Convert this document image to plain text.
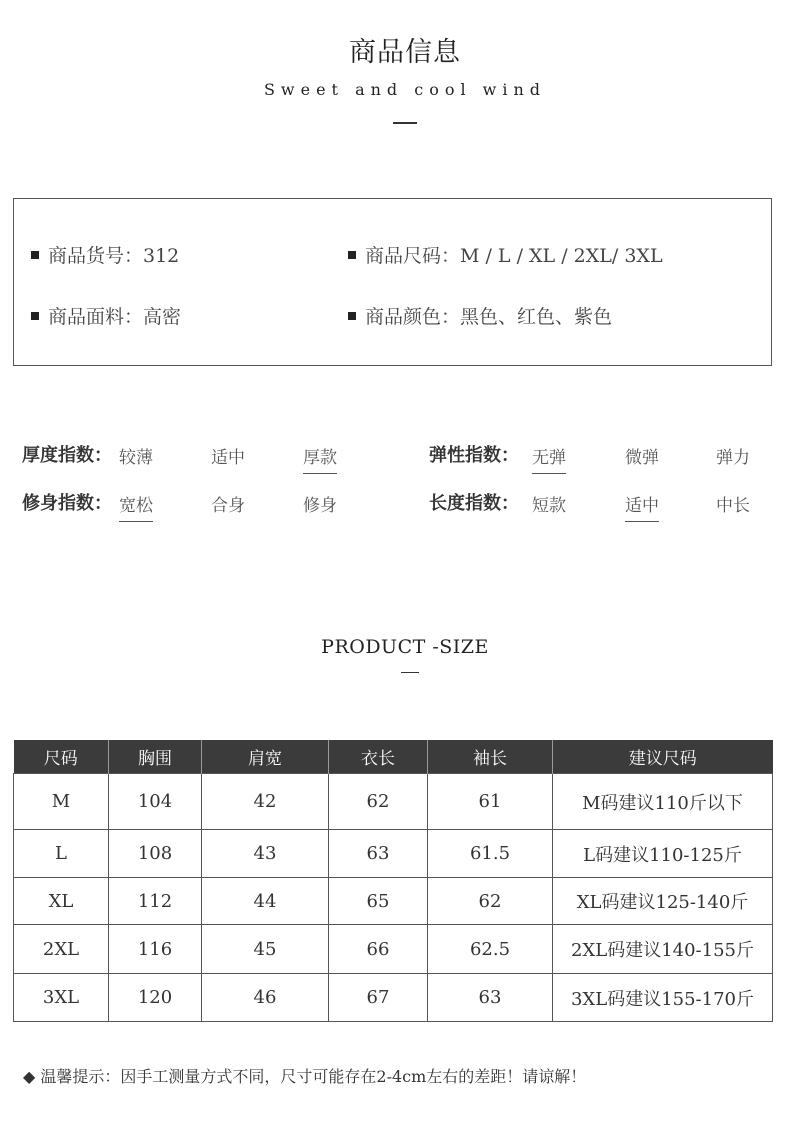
商品信息
Sweet and cool wind
商品货号：312	商品尺码：M / L / XL / 2XL/ 3XL
商品面料：高密	商品颜色：黑色、红色、紫色
厚度指数： 较薄	适中	厚款	弹性指数： 无弹	微弹	弹力
修身指数： 宽松	合身	修身	长度指数： 短款	适中	中长
PRODUCT -SIZE
尺码	胸围	肩宽	衣长	袖长	建议尺码
M	104	42	62	61	M码建议110斤以下
L	108	43	63	61.5	L码建议110-125斤
XL	112	44	65	62	XL码建议125-140斤
2XL	116	45	66	62.5	2XL码建议140-155斤
3XL	120	46	67	63	3XL码建议155-170斤
◆ 温馨提示：因手工测量方式不同，尺寸可能存在2-4cm左右的差距！请谅解！
